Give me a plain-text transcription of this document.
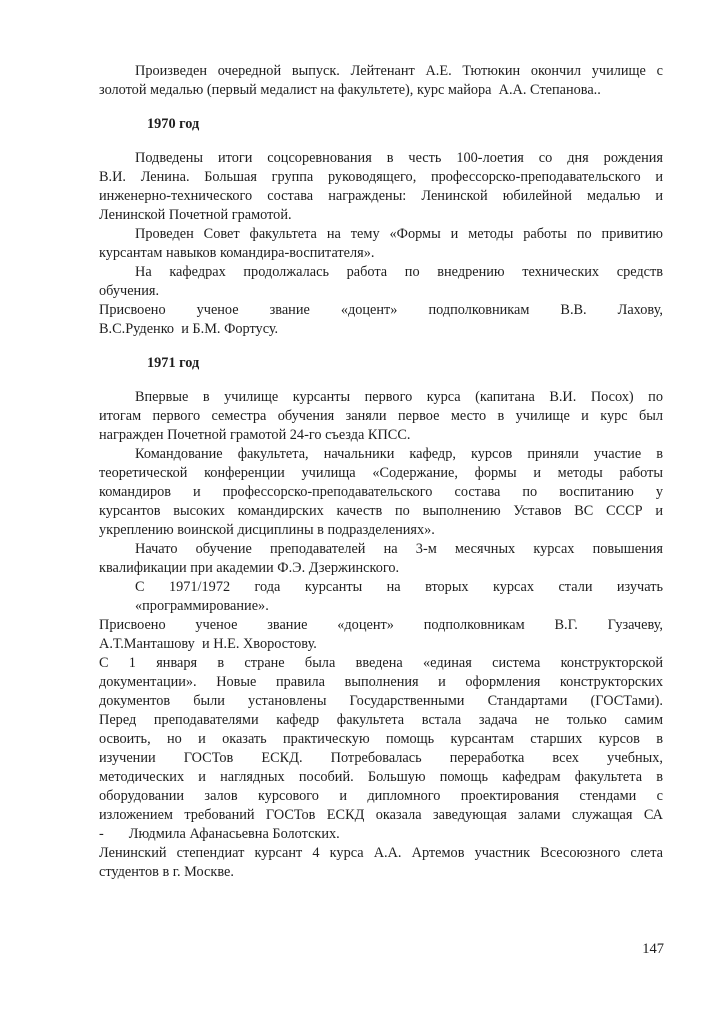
Произведен очередной выпуск. Лейтенант А.Е. Тютюкин окончил училище с
золотой медалью (первый медалист на факультете), курс майора  А.А. Степанова..
1970 год
Подведены итоги соцсоревнования в честь 100-лоетия со дня рождения
В.И. Ленина. Большая группа руководящего, профессорско-преподавательского и
инженерно-технического состава награждены: Ленинской юбилейной медалью и
Ленинской Почетной грамотой.
Проведен Совет факультета на тему «Формы и методы работы по привитию
курсантам навыков командира-воспитателя».
На кафедрах продолжалась работа по внедрению технических средств
обучения.
Присвоено ученое звание «доцент» подполковникам В.В. Лахову,
В.С.Руденко  и Б.М. Фортусу.
1971 год
Впервые в училище курсанты первого курса (капитана В.И. Посох) по
итогам первого семестра обучения заняли первое место в училище и курс был
награжден Почетной грамотой 24-го съезда КПСС.
Командование факультета, начальники кафедр, курсов приняли участие в
теоретической конференции училища «Содержание, формы и методы работы
командиров и профессорско-преподавательского состава по воспитанию у
курсантов высоких командирских качеств по выполнению Уставов ВС СССР и
укреплению воинской дисциплины в подразделениях».
Начато обучение преподавателей на 3-м месячных курсах повышения
квалификации при академии Ф.Э. Дзержинского.
С 1971/1972 года курсанты на вторых курсах стали изучать
«программирование».
Присвоено ученое звание «доцент» подполковникам В.Г. Гузачеву,
А.Т.Манташову  и Н.Е. Хворостову.
С 1 января в стране была введена «единая система конструкторской
документации». Новые правила выполнения и оформления конструкторских
документов были установлены Государственными Стандартами (ГОСТами).
Перед преподавателями кафедр факультета встала задача не только самим
освоить, но и оказать практическую помощь курсантам старших курсов в
изучении ГОСТов ЕСКД. Потребовалась переработка всех учебных,
методических и наглядных пособий. Большую помощь кафедрам факультета в
оборудовании залов курсового и дипломного проектирования стендами с
изложением требований ГОСТов ЕСКД оказала заведующая залами служащая СА
-       Людмила Афанасьевна Болотских.
Ленинский степендиат курсант 4 курса А.А. Артемов участник Всесоюзного слета
студентов в г. Москве.
147
